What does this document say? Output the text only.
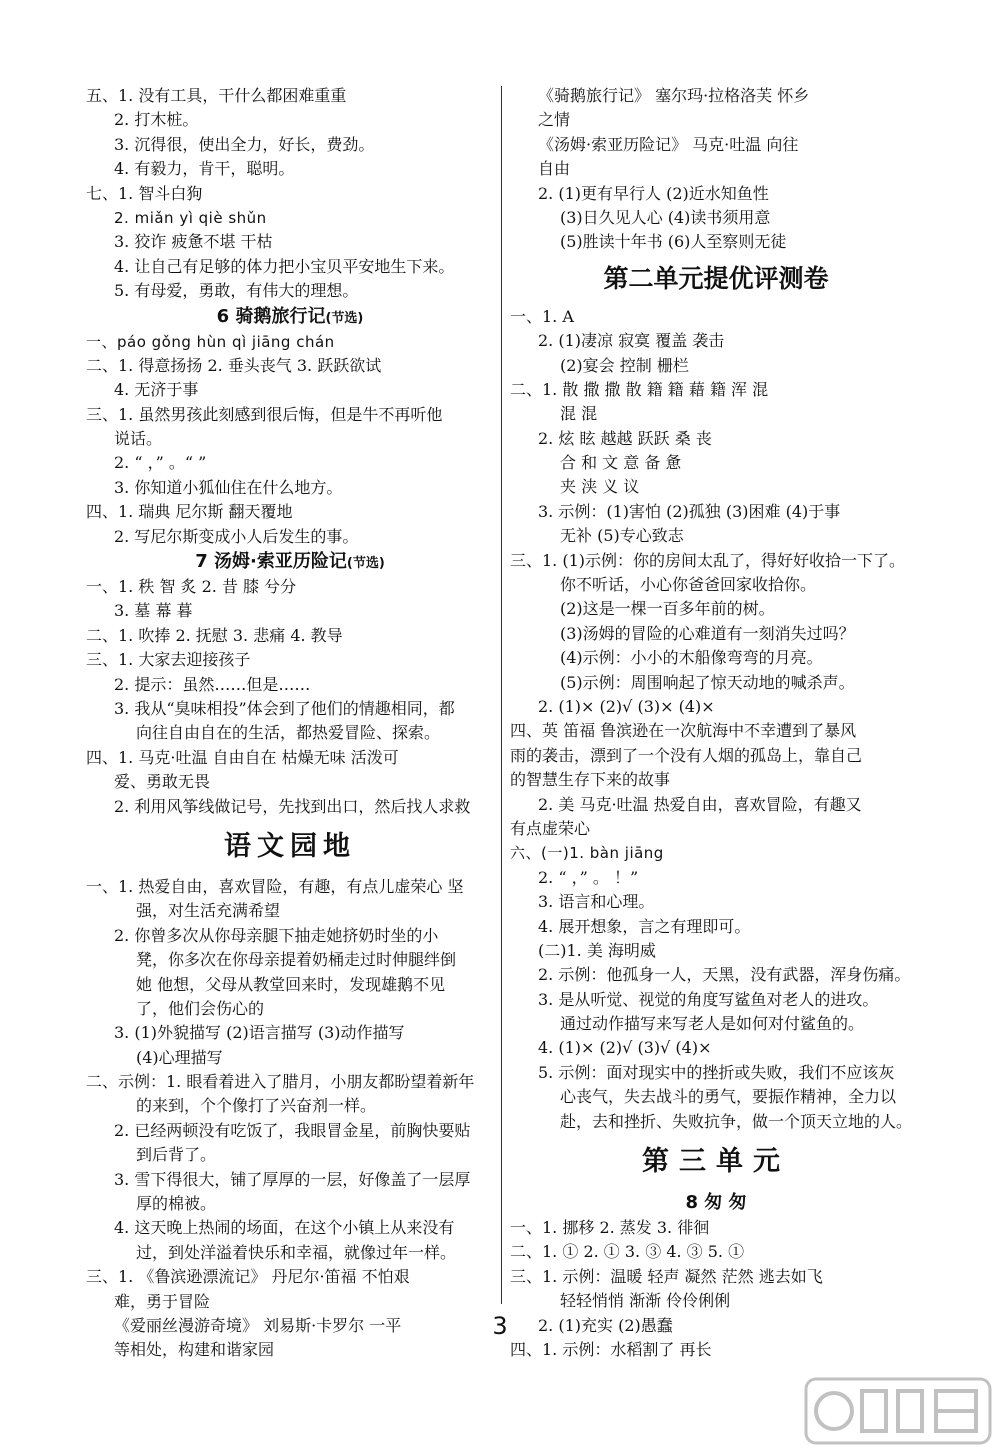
五、1. 没有工具，干什么都困难重重
2. 打木桩。
3. 沉得很，使出全力，好长，费劲。
4. 有毅力，肯干，聪明。
七、1. 智斗白狗
2. miǎn yì qiè shǔn
3. 狡诈 疲惫不堪 干枯
4. 让自己有足够的体力把小宝贝平安地生下来。
5. 有母爱，勇敢，有伟大的理想。
6 骑鹅旅行记(节选)
一、páo gǒng hùn qì jiāng chán
二、1. 得意扬扬 2. 垂头丧气 3. 跃跃欲试
4. 无济于事
三、1. 虽然男孩此刻感到很后悔，但是牛不再听他
说话。
2. “ ，” 。“ ”
3. 你知道小狐仙住在什么地方。
四、1. 瑞典 尼尔斯 翻天覆地
2. 写尼尔斯变成小人后发生的事。
7 汤姆·索亚历险记(节选)
一、1. 秩 智 炙 2. 昔 膝 兮分
3. 墓 幕 暮
二、1. 吹捧 2. 抚慰 3. 悲痛 4. 教导
三、1. 大家去迎接孩子
2. 提示：虽然……但是……
3. 我从“臭味相投”体会到了他们的情趣相同，都
向往自由自在的生活，都热爱冒险、探索。
四、1. 马克·吐温 自由自在 枯燥无味 活泼可
爱、勇敢无畏
2. 利用风筝线做记号，先找到出口，然后找人求救
语文园地
一、1. 热爱自由，喜欢冒险，有趣，有点儿虚荣心 坚
强，对生活充满希望
2. 你曾多次从你母亲腿下抽走她挤奶时坐的小
凳，你多次在你母亲提着奶桶走过时伸腿绊倒
她 他想，父母从教堂回来时，发现雄鹅不见
了，他们会伤心的
3. (1)外貌描写 (2)语言描写 (3)动作描写
(4)心理描写
二、示例：1. 眼看着进入了腊月，小朋友都盼望着新年
的来到，个个像打了兴奋剂一样。
2. 已经两顿没有吃饭了，我眼冒金星，前胸快要贴
到后背了。
3. 雪下得很大，铺了厚厚的一层，好像盖了一层厚
厚的棉被。
4. 这天晚上热闹的场面，在这个小镇上从来没有
过，到处洋溢着快乐和幸福，就像过年一样。
三、1. 《鲁滨逊漂流记》 丹尼尔·笛福 不怕艰
难，勇于冒险
《爱丽丝漫游奇境》 刘易斯·卡罗尔 一平
等相处，构建和谐家园
《骑鹅旅行记》 塞尔玛·拉格洛芙 怀乡
之情
《汤姆·索亚历险记》 马克·吐温 向往
自由
2. (1)更有早行人 (2)近水知鱼性
(3)日久见人心 (4)读书须用意
(5)胜读十年书 (6)人至察则无徒
第二单元提优评测卷
一、1. A
2. (1)凄凉 寂寞 覆盖 袭击
(2)宴会 控制 栅栏
二、1. 散 撒 撒 散 籍 籍 藉 籍 浑 混
混 混
2. 炫 眩 越越 跃跃 桑 丧
合 和 文 意 备 惫
夹 浃 义 议
3. 示例：(1)害怕 (2)孤独 (3)困难 (4)于事
无补 (5)专心致志
三、1. (1)示例：你的房间太乱了，得好好收拾一下了。
你不听话，小心你爸爸回家收拾你。
(2)这是一棵一百多年前的树。
(3)汤姆的冒险的心难道有一刻消失过吗？
(4)示例：小小的木船像弯弯的月亮。
(5)示例：周围响起了惊天动地的喊杀声。
2. (1)× (2)√ (3)× (4)×
四、英 笛福 鲁滨逊在一次航海中不幸遭到了暴风
雨的袭击，漂到了一个没有人烟的孤岛上，靠自己
的智慧生存下来的故事
2. 美 马克·吐温 热爱自由，喜欢冒险，有趣又
有点虚荣心
六、(一)1. bàn jiāng
2. “ ，” 。 ！”
3. 语言和心理。
4. 展开想象，言之有理即可。
(二)1. 美 海明威
2. 示例：他孤身一人，天黑，没有武器，浑身伤痛。
3. 是从听觉、视觉的角度写鲨鱼对老人的进攻。
通过动作描写来写老人是如何对付鲨鱼的。
4. (1)× (2)√ (3)√ (4)×
5. 示例：面对现实中的挫折或失败，我们不应该灰
心丧气，失去战斗的勇气，要振作精神，全力以
赴，去和挫折、失败抗争，做一个顶天立地的人。
第三单元
8 匆 匆
一、1. 挪移 2. 蒸发 3. 徘徊
二、1. ① 2. ① 3. ③ 4. ③ 5. ①
三、1. 示例：温暖 轻声 凝然 茫然 逃去如飞
轻轻悄悄 渐渐 伶伶俐俐
2. (1)充实 (2)愚蠢
四、1. 示例：水稻割了 再长
3
